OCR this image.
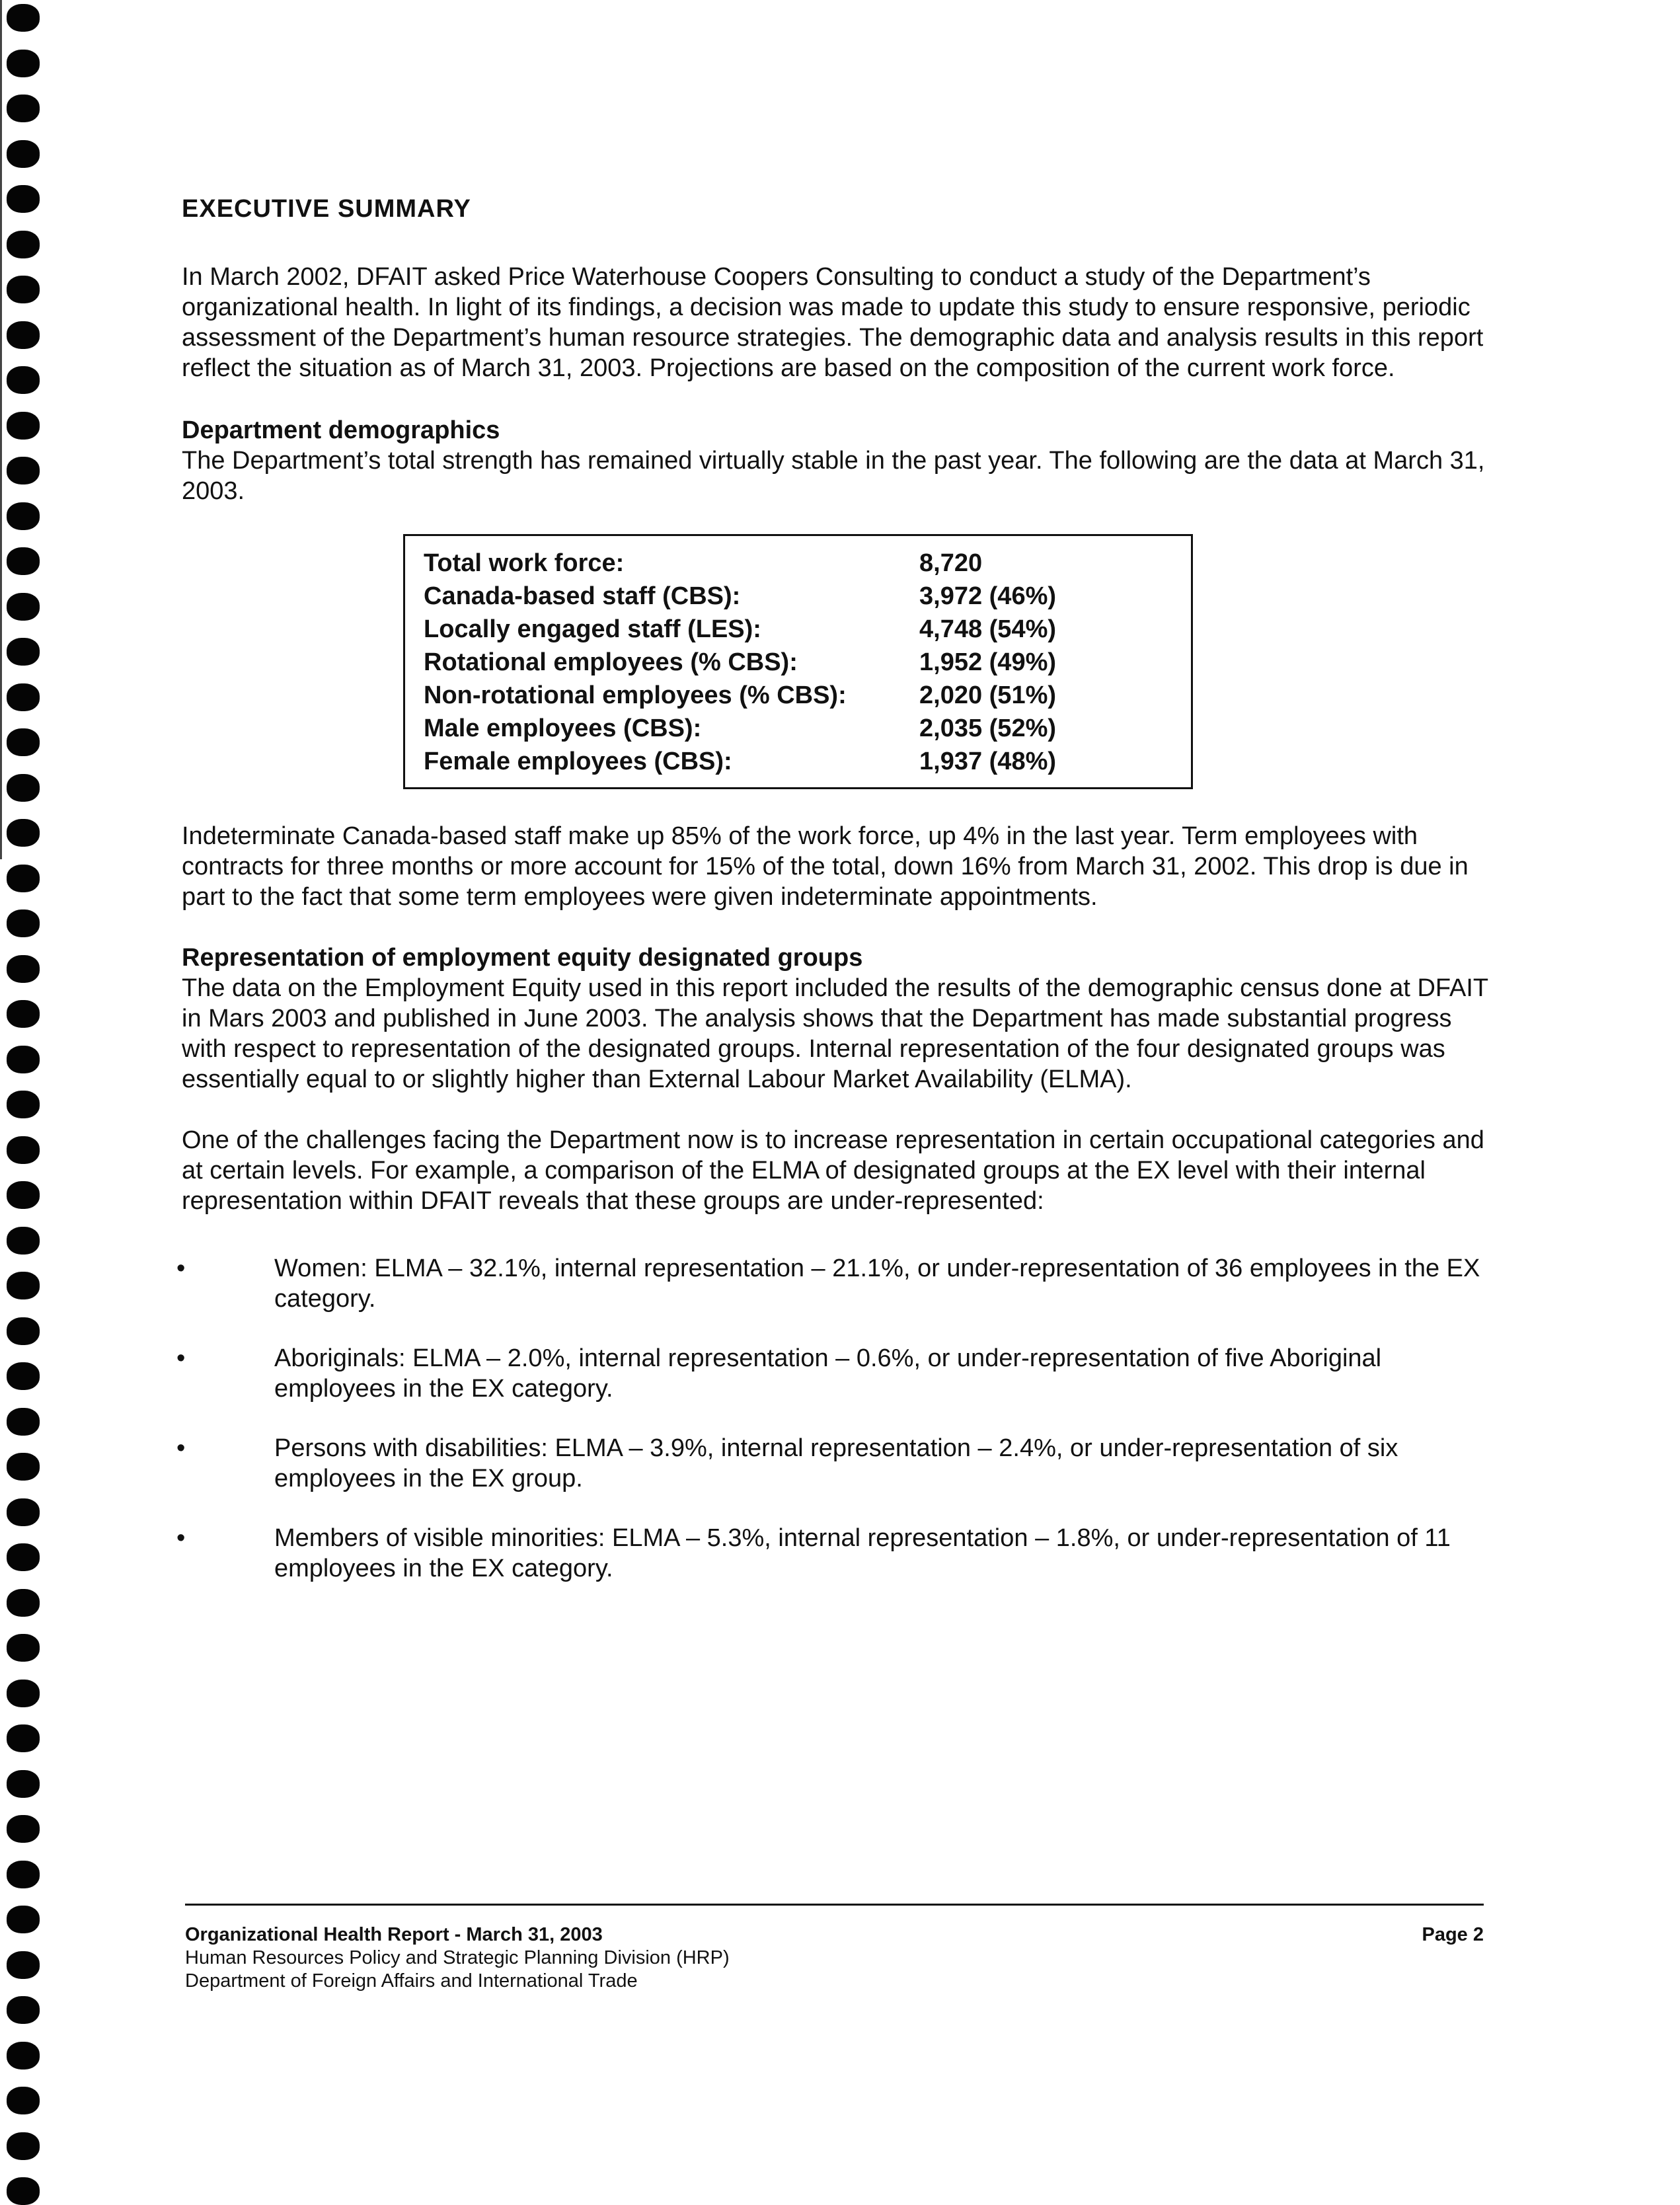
EXECUTIVE SUMMARY

In March 2002, DFAIT asked Price Waterhouse Coopers Consulting to conduct a study of the Department’s organizational health. In light of its findings, a decision was made to update this study to ensure responsive, periodic assessment of the Department’s human resource strategies. The demographic data and analysis results in this report reflect the situation as of March 31, 2003. Projections are based on the composition of the current work force.

Department demographics

The Department’s total strength has remained virtually stable in the past year. The following are the data at March 31, 2003.

Total work force:	8,720
Canada-based staff (CBS):	3,972 (46%)
Locally engaged staff (LES):	4,748 (54%)
Rotational employees (% CBS):	1,952 (49%)
Non-rotational employees (% CBS):	2,020 (51%)
Male employees (CBS):	2,035 (52%)
Female employees (CBS):	1,937 (48%)

Indeterminate Canada-based staff make up 85% of the work force, up 4% in the last year. Term employees with contracts for three months or more account for 15% of the total, down 16% from March 31, 2002. This drop is due in part to the fact that some term employees were given indeterminate appointments.

Representation of employment equity designated groups

The data on the Employment Equity used in this report included the results of the demographic census done at DFAIT in Mars 2003 and published in June 2003. The analysis shows that the Department has made substantial progress with respect to representation of the designated groups. Internal representation of the four designated groups was essentially equal to or slightly higher than External Labour Market Availability (ELMA).

One of the challenges facing the Department now is to increase representation in certain occupational categories and at certain levels. For example, a comparison of the ELMA of designated groups at the EX level with their internal representation within DFAIT reveals that these groups are under-represented:

•	Women: ELMA – 32.1%, internal representation – 21.1%, or under-representation of 36 employees in the EX category.
•	Aboriginals: ELMA – 2.0%, internal representation – 0.6%, or under-representation of five Aboriginal employees in the EX category.
•	Persons with disabilities: ELMA – 3.9%, internal representation – 2.4%, or under-representation of six employees in the EX group.
•	Members of visible minorities: ELMA – 5.3%, internal representation – 1.8%, or under-representation of 11 employees in the EX category.
Organizational Health Report - March 31, 2003
Human Resources Policy and Strategic Planning Division (HRP)
Department of Foreign Affairs and International Trade
Page 2
